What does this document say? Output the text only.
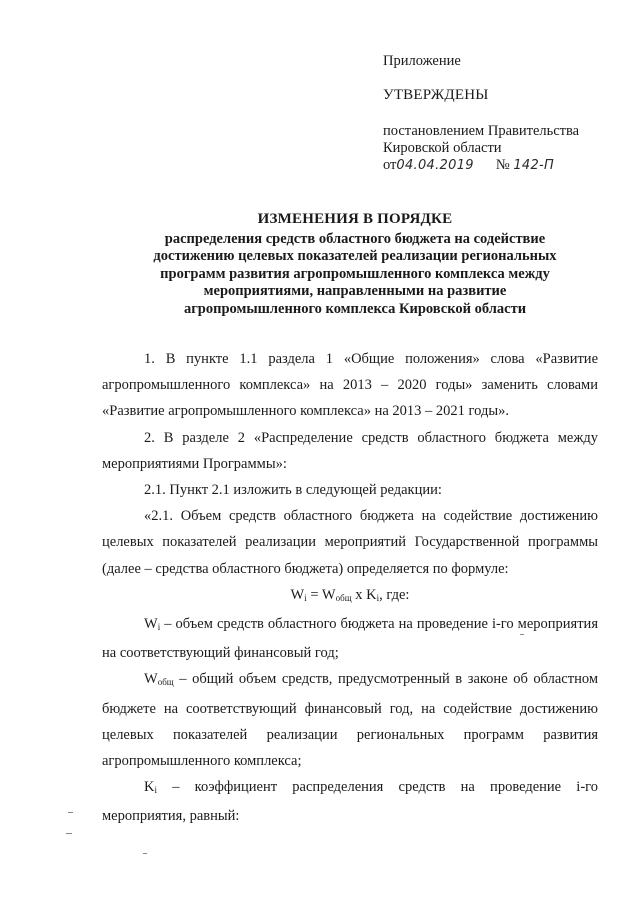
Приложение
УТВЕРЖДЕНЫ
постановлением Правительства
Кировской области
от04.04.2019 № 142-П
ИЗМЕНЕНИЯ В ПОРЯДКЕ
распределения средств областного бюджета на содействие
достижению целевых показателей реализации региональных
программ развития агропромышленного комплекса между
мероприятиями, направленными на развитие
агропромышленного комплекса Кировской области

1. В пункте 1.1 раздела 1 «Общие положения» слова «Развитие агропромышленного комплекса» на 2013 – 2020 годы» заменить словами «Развитие агропромышленного комплекса» на 2013 – 2021 годы».

2. В разделе 2 «Распределение средств областного бюджета между мероприятиями Программы»:

2.1. Пункт 2.1 изложить в следующей редакции:

«2.1. Объем средств областного бюджета на содействие достижению целевых показателей реализации мероприятий Государственной программы (далее – средства областного бюджета) определяется по формуле:

$W_i = W_{общ}$ x $K_i$, где:

$W_i$ – объем средств областного бюджета на проведение i-го мероприятия на соответствующий финансовый год;

$W_{общ}$ – общий объем средств, предусмотренный в законе об областном бюджете на соответствующий финансовый год, на содействие достижению целевых показателей реализации региональных программ развития агропромышленного комплекса;

$K_i$ – коэффициент распределения средств на проведение i-го мероприятия, равный:
